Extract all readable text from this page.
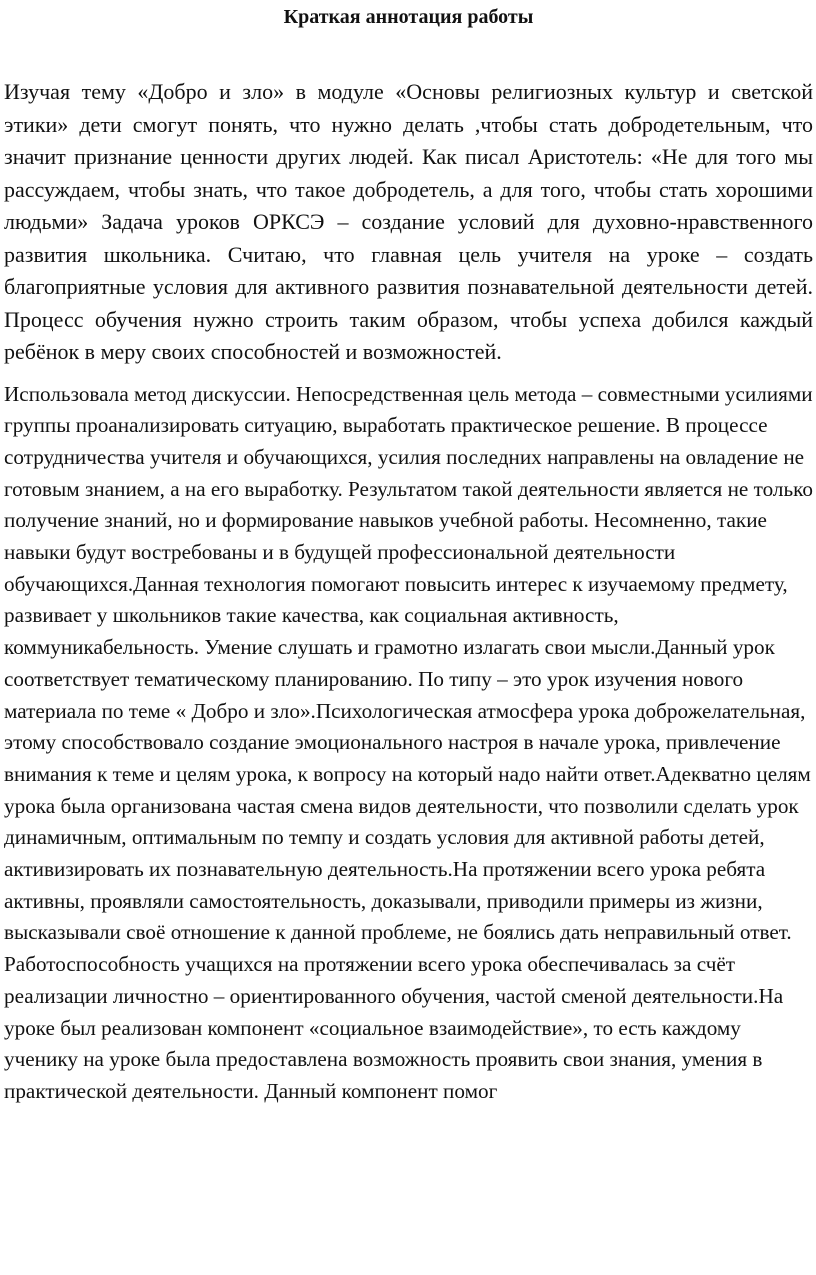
Краткая аннотация работы

Изучая тему «Добро и зло» в модуле «Основы религиозных культур и светской этики» дети смогут понять, что нужно делать ,чтобы стать добродетельным, что значит признание ценности других людей. Как писал Аристотель: «Не для того мы рассуждаем, чтобы знать, что такое добродетель, а для того, чтобы стать хорошими людьми» Задача уроков ОРКСЭ – создание условий для духовно-нравственного развития школьника. Считаю, что главная цель учителя на уроке – создать благоприятные условия для активного развития познавательной деятельности детей. Процесс обучения нужно строить таким образом, чтобы успеха добился каждый ребёнок в меру своих способностей и возможностей.

Использовала метод дискуссии. Непосредственная цель метода – совместными усилиями группы проанализировать ситуацию, выработать практическое решение. В процессе сотрудничества учителя и обучающихся, усилия последних направлены на овладение не готовым знанием, а на его выработку. Результатом такой деятельности является не только получение знаний, но и формирование навыков учебной работы. Несомненно, такие навыки будут востребованы и в будущей профессиональной деятельности обучающихся.Данная технология помогают повысить интерес к изучаемому предмету, развивает у школьников такие качества, как социальная активность, коммуникабельность. Умение слушать и грамотно излагать свои мысли.Данный урок соответствует тематическому планированию. По типу – это урок изучения нового материала по теме « Добро и зло».Психологическая атмосфера урока доброжелательная, этому способствовало создание эмоционального настроя в начале урока, привлечение внимания к теме и целям урока, к вопросу на который надо найти ответ.Адекватно целям урока была организована частая смена видов деятельности, что позволили сделать урок динамичным, оптимальным по темпу и создать условия для активной работы детей, активизировать их познавательную деятельность.На протяжении всего урока ребята активны, проявляли самостоятельность, доказывали, приводили примеры из жизни, высказывали своё отношение к данной проблеме, не боялись дать неправильный ответ. Работоспособность учащихся на протяжении всего урока обеспечивалась за счёт реализации личностно – ориентированного обучения, частой сменой деятельности.На уроке был реализован компонент «социальное взаимодействие», то есть каждому ученику на уроке была предоставлена возможность проявить свои знания, умения в практической деятельности. Данный компонент помог
